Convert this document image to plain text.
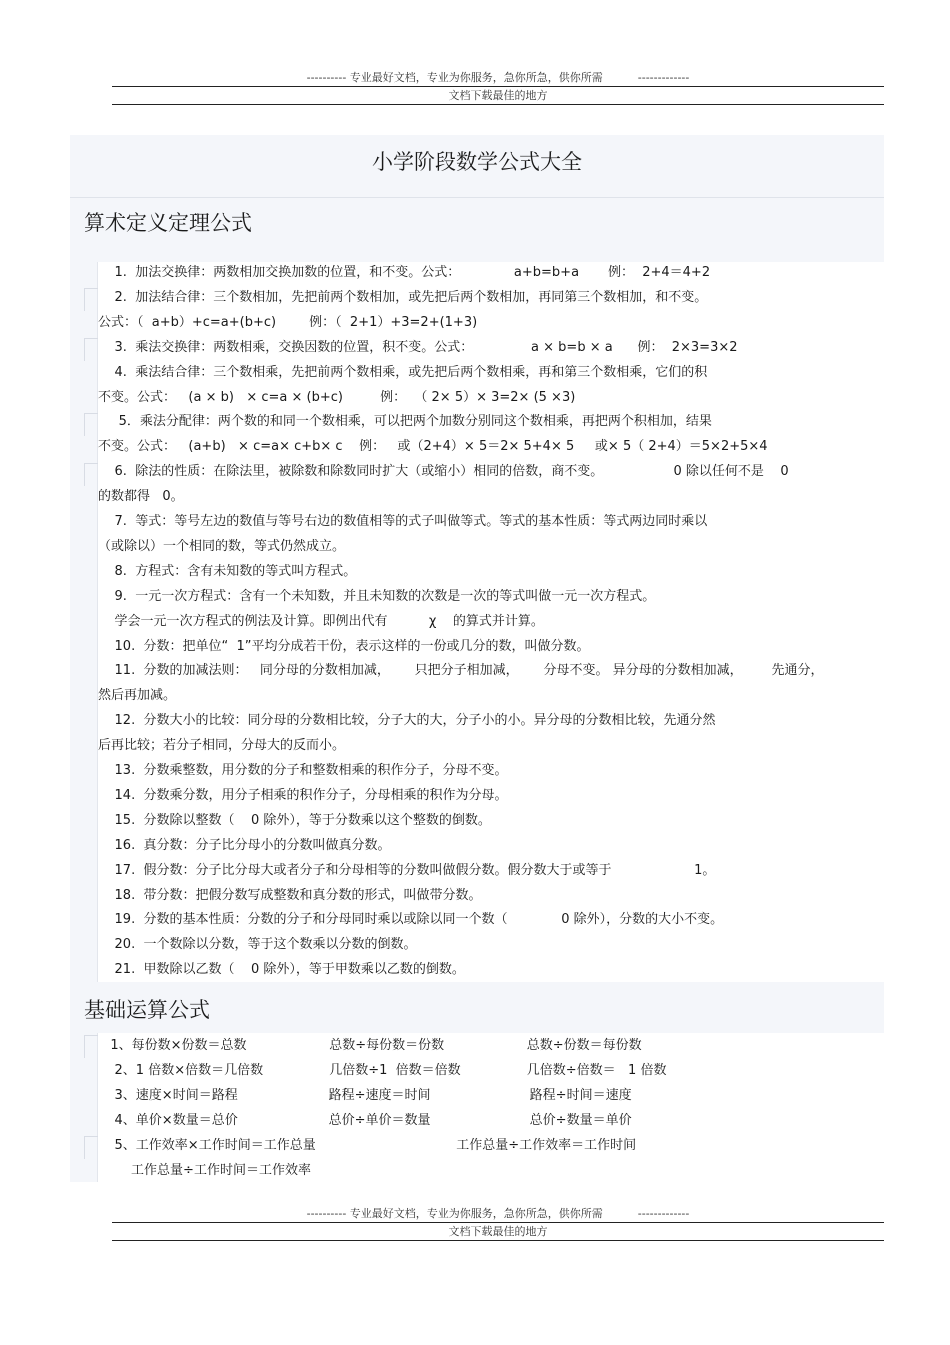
---------- 专业最好文档，专业为你服务，急你所急，供你所需          -------------
文档下载最佳的地方
小学阶段数学公式大全
算术定义定理公式
1.  加法交换律：两数相加交换加数的位置，和不变。公式：             a+b=b+a       例：  2+4＝4+2
2.  加法结合律：三个数相加，先把前两个数相加，或先把后两个数相加，再同第三个数相加，和不变。
公式：（  a+b）+c=a+(b+c)        例：（  2+1）+3=2+(1+3)
3.  乘法交换律：两数相乘，交换因数的位置，积不变。公式：              a × b=b × a      例：  2×3=3×2
4.  乘法结合律：三个数相乘，先把前两个数相乘，或先把后两个数相乘，再和第三个数相乘，它们的积
不变。公式：   (a × b)   × c=a × (b+c)         例：  （ 2× 5）× 3=2× (5 ×3)
5．乘法分配律：两个数的和同一个数相乘，可以把两个加数分别同这个数相乘，再把两个积相加，结果
不变。公式：   (a+b)   × c=a× c+b× c    例：   或（2+4）× 5＝2× 5+4× 5     或× 5（ 2+4）＝5×2+5×4
6.  除法的性质：在除法里，被除数和除数同时扩大（或缩小）相同的倍数，商不变。                 0 除以任何不是    0
的数都得   0。
7.  等式：等号左边的数值与等号右边的数值相等的式子叫做等式。等式的基本性质：等式两边同时乘以
（或除以）一个相同的数，等式仍然成立。
8.  方程式：含有未知数的等式叫方程式。
9.  一元一次方程式：含有一个未知数，并且未知数的次数是一次的等式叫做一元一次方程式。
学会一元一次方程式的例法及计算。即例出代有          χ    的算式并计算。
10.  分数：把单位“  1”平均分成若干份，表示这样的一份或几分的数，叫做分数。
11.  分数的加减法则：   同分母的分数相加减，      只把分子相加减，      分母不变。 异分母的分数相加减，       先通分，
然后再加减。
12.  分数大小的比较：同分母的分数相比较，分子大的大，分子小的小。异分母的分数相比较，先通分然
后再比较；若分子相同，分母大的反而小。
13.  分数乘整数，用分数的分子和整数相乘的积作分子，分母不变。
14.  分数乘分数，用分子相乘的积作分子，分母相乘的积作为分母。
15.  分数除以整数（    0 除外），等于分数乘以这个整数的倒数。
16.  真分数：分子比分母小的分数叫做真分数。
17.  假分数：分子比分母大或者分子和分母相等的分数叫做假分数。假分数大于或等于                    1。
18.  带分数：把假分数写成整数和真分数的形式，叫做带分数。
19.  分数的基本性质：分数的分子和分母同时乘以或除以同一个数（             0 除外），分数的大小不变。
20.  一个数除以分数，等于这个数乘以分数的倒数。
21.  甲数除以乙数（    0 除外），等于甲数乘以乙数的倒数。
基础运算公式
1、每份数×份数＝总数                    总数÷每份数＝份数                    总数÷份数＝每份数
2、1 倍数×倍数＝几倍数                几倍数÷1  倍数＝倍数                几倍数÷倍数＝   1 倍数
3、速度×时间＝路程                      路程÷速度＝时间                        路程÷时间＝速度
4、单价×数量＝总价                      总价÷单价＝数量                        总价÷数量＝单价
5、工作效率×工作时间＝工作总量                                  工作总量÷工作效率＝工作时间
工作总量÷工作时间＝工作效率
---------- 专业最好文档，专业为你服务，急你所急，供你所需          -------------
文档下载最佳的地方
